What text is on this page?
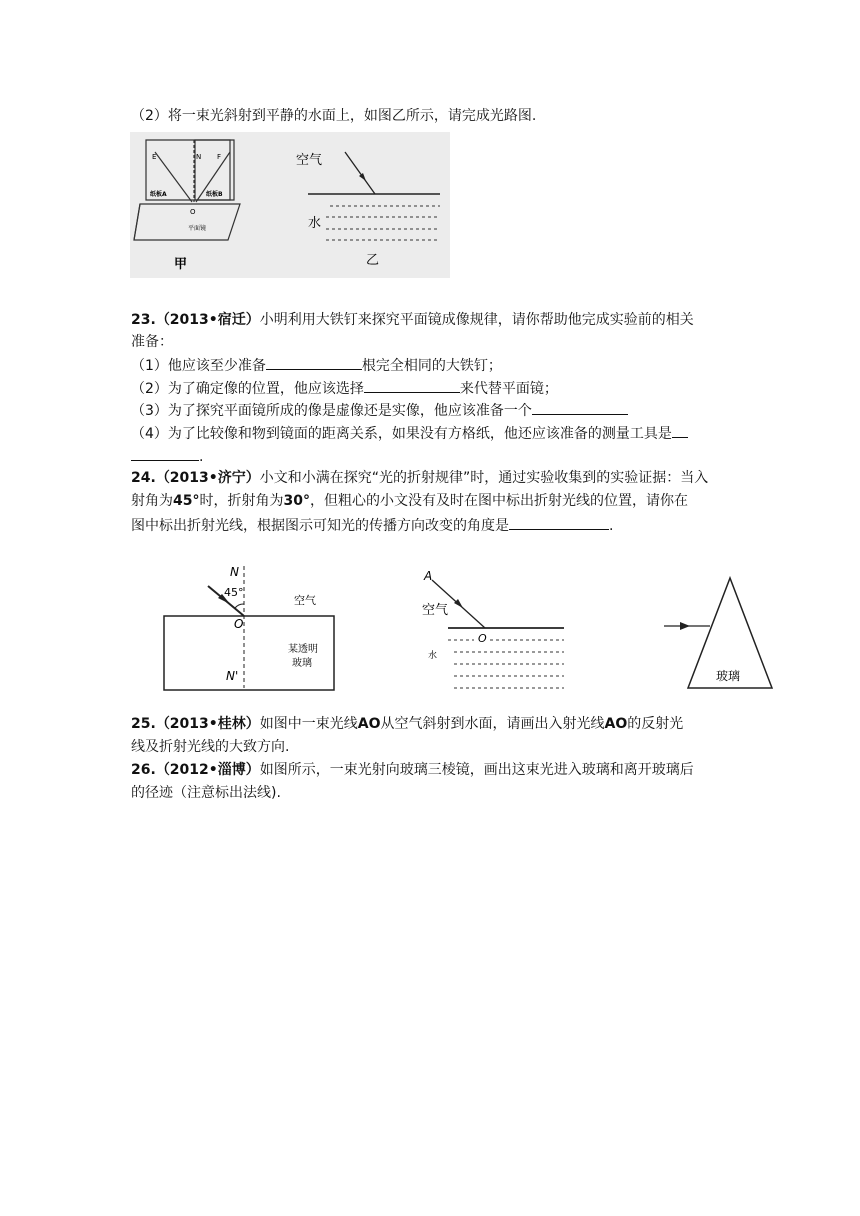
（2）将一束光斜射到平静的水面上，如图乙所示，请完成光路图.
E	N F
纸板A	纸板B
O
平面镜
甲
空气
水
乙
23.（2013•宿迁）小明利用大铁钉来探究平面镜成像规律，请你帮助他完成实验前的相关
准备：
（1）他应该至少准备	根完全相同的大铁钉；
（2）为了确定像的位置，他应该选择	来代替平面镜；
（3）为了探究平面镜所成的像是虚像还是实像，他应该准备一个
（4）为了比较像和物到镜面的距离关系，如果没有方格纸，他还应该准备的测量工具是
.
24.（2013•济宁）小文和小满在探究“光的折射规律”时，通过实验收集到的实验证据：当入
射角为45°时，折射角为30°，但粗心的小文没有及时在图中标出折射光线的位置，请你在
图中标出折射光线，根据图示可知光的传播方向改变的角度是	.
N
45°
空气
O
某透明
玻璃
N'
A
空气
O
水
玻璃
25.（2013•桂林）如图中一束光线AO从空气斜射到水面，请画出入射光线AO的反射光
线及折射光线的大致方向.
26.（2012•淄博）如图所示，一束光射向玻璃三棱镜，画出这束光进入玻璃和离开玻璃后
的径迹（注意标出法线).
